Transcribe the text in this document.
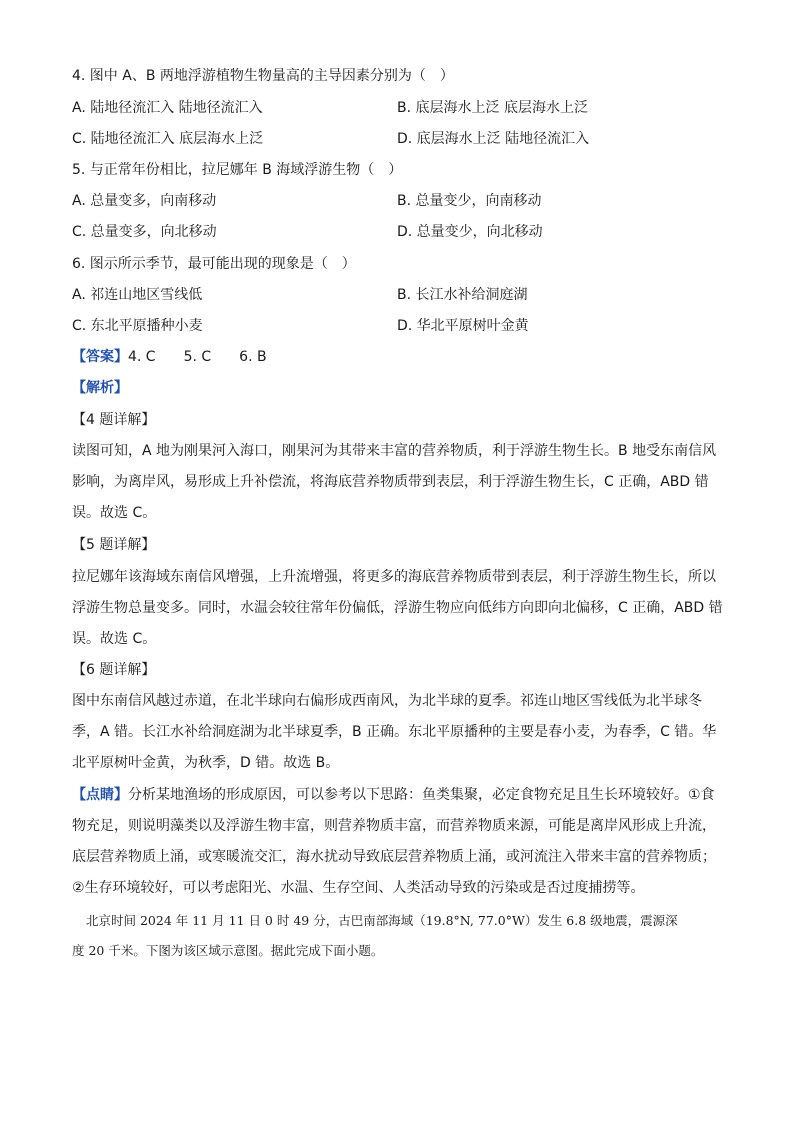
4. 图中 A、B 两地浮游植物生物量高的主导因素分别为（　）
A. 陆地径流汇入 陆地径流汇入	B. 底层海水上泛 底层海水上泛
C. 陆地径流汇入 底层海水上泛	D. 底层海水上泛 陆地径流汇入
5. 与正常年份相比，拉尼娜年 B 海域浮游生物（　）
A. 总量变多，向南移动	B. 总量变少，向南移动
C. 总量变多，向北移动	D. 总量变少，向北移动
6. 图示所示季节，最可能出现的现象是（　）
A. 祁连山地区雪线低	B. 长江水补给洞庭湖
C. 东北平原播种小麦	D. 华北平原树叶金黄
【答案】4. C　　5. C　　6. B
【解析】
【4 题详解】
读图可知，A 地为刚果河入海口，刚果河为其带来丰富的营养物质，利于浮游生物生长。B 地受东南信风
影响，为离岸风，易形成上升补偿流，将海底营养物质带到表层，利于浮游生物生长，C 正确，ABD 错
误。故选 C。
【5 题详解】
拉尼娜年该海域东南信风增强，上升流增强，将更多的海底营养物质带到表层，利于浮游生物生长，所以
浮游生物总量变多。同时，水温会较往常年份偏低，浮游生物应向低纬方向即向北偏移，C 正确，ABD 错
误。故选 C。
【6 题详解】
图中东南信风越过赤道，在北半球向右偏形成西南风，为北半球的夏季。祁连山地区雪线低为北半球冬
季，A 错。长江水补给洞庭湖为北半球夏季，B 正确。东北平原播种的主要是春小麦，为春季，C 错。华
北平原树叶金黄，为秋季，D 错。故选 B。
【点睛】分析某地渔场的形成原因，可以参考以下思路：鱼类集聚，必定食物充足且生长环境较好。①食
物充足，则说明藻类以及浮游生物丰富，则营养物质丰富，而营养物质来源，可能是离岸风形成上升流，
底层营养物质上涌，或寒暖流交汇，海水扰动导致底层营养物质上涌，或河流注入带来丰富的营养物质；
②生存环境较好，可以考虑阳光、水温、生存空间、人类活动导致的污染或是否过度捕捞等。
北京时间 2024 年 11 月 11 日 0 时 49 分，古巴南部海域（19.8°N, 77.0°W）发生 6.8 级地震，震源深
度 20 千米。下图为该区域示意图。据此完成下面小题。
